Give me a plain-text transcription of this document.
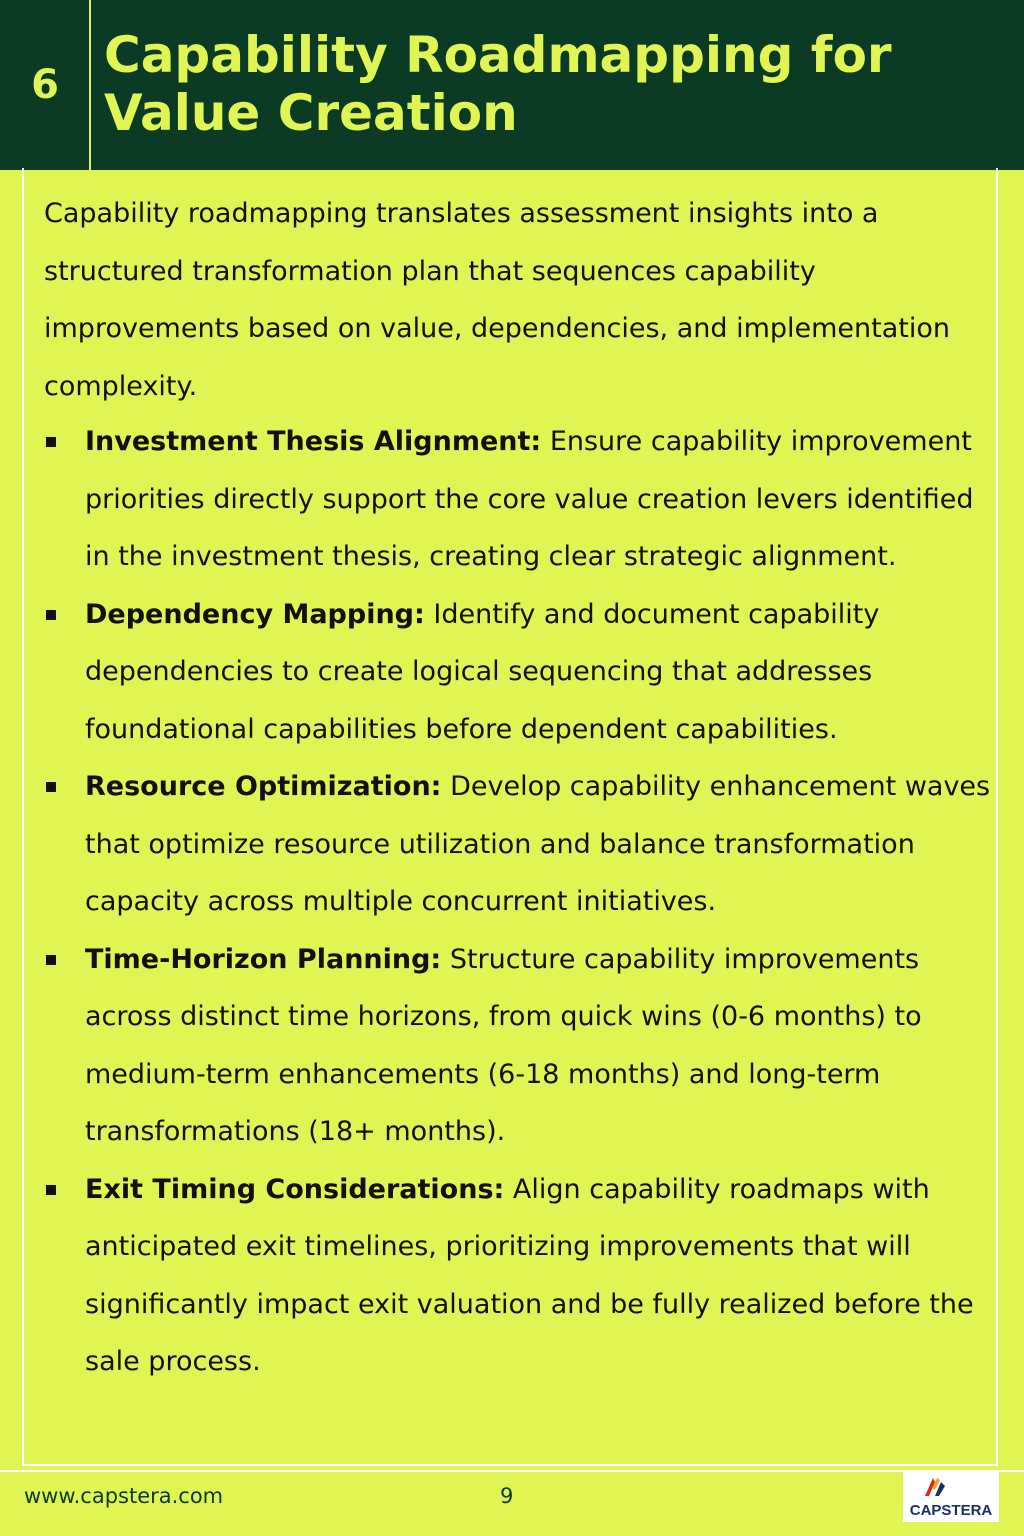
6
Capability Roadmapping for Value Creation

Capability roadmapping translates assessment insights into a structured transformation plan that sequences capability improvements based on value, dependencies, and implementation complexity.

Investment Thesis Alignment: Ensure capability improvement priorities directly support the core value creation levers identified in the investment thesis, creating clear strategic alignment.
Dependency Mapping: Identify and document capability dependencies to create logical sequencing that addresses foundational capabilities before dependent capabilities.
Resource Optimization: Develop capability enhancement waves that optimize resource utilization and balance transformation capacity across multiple concurrent initiatives.
Time-Horizon Planning: Structure capability improvements across distinct time horizons, from quick wins (0-6 months) to medium-term enhancements (6-18 months) and long-term transformations (18+ months).
Exit Timing Considerations: Align capability roadmaps with anticipated exit timelines, prioritizing improvements that will significantly impact exit valuation and be fully realized before the sale process.
www.capstera.com	9
CAPSTERA
